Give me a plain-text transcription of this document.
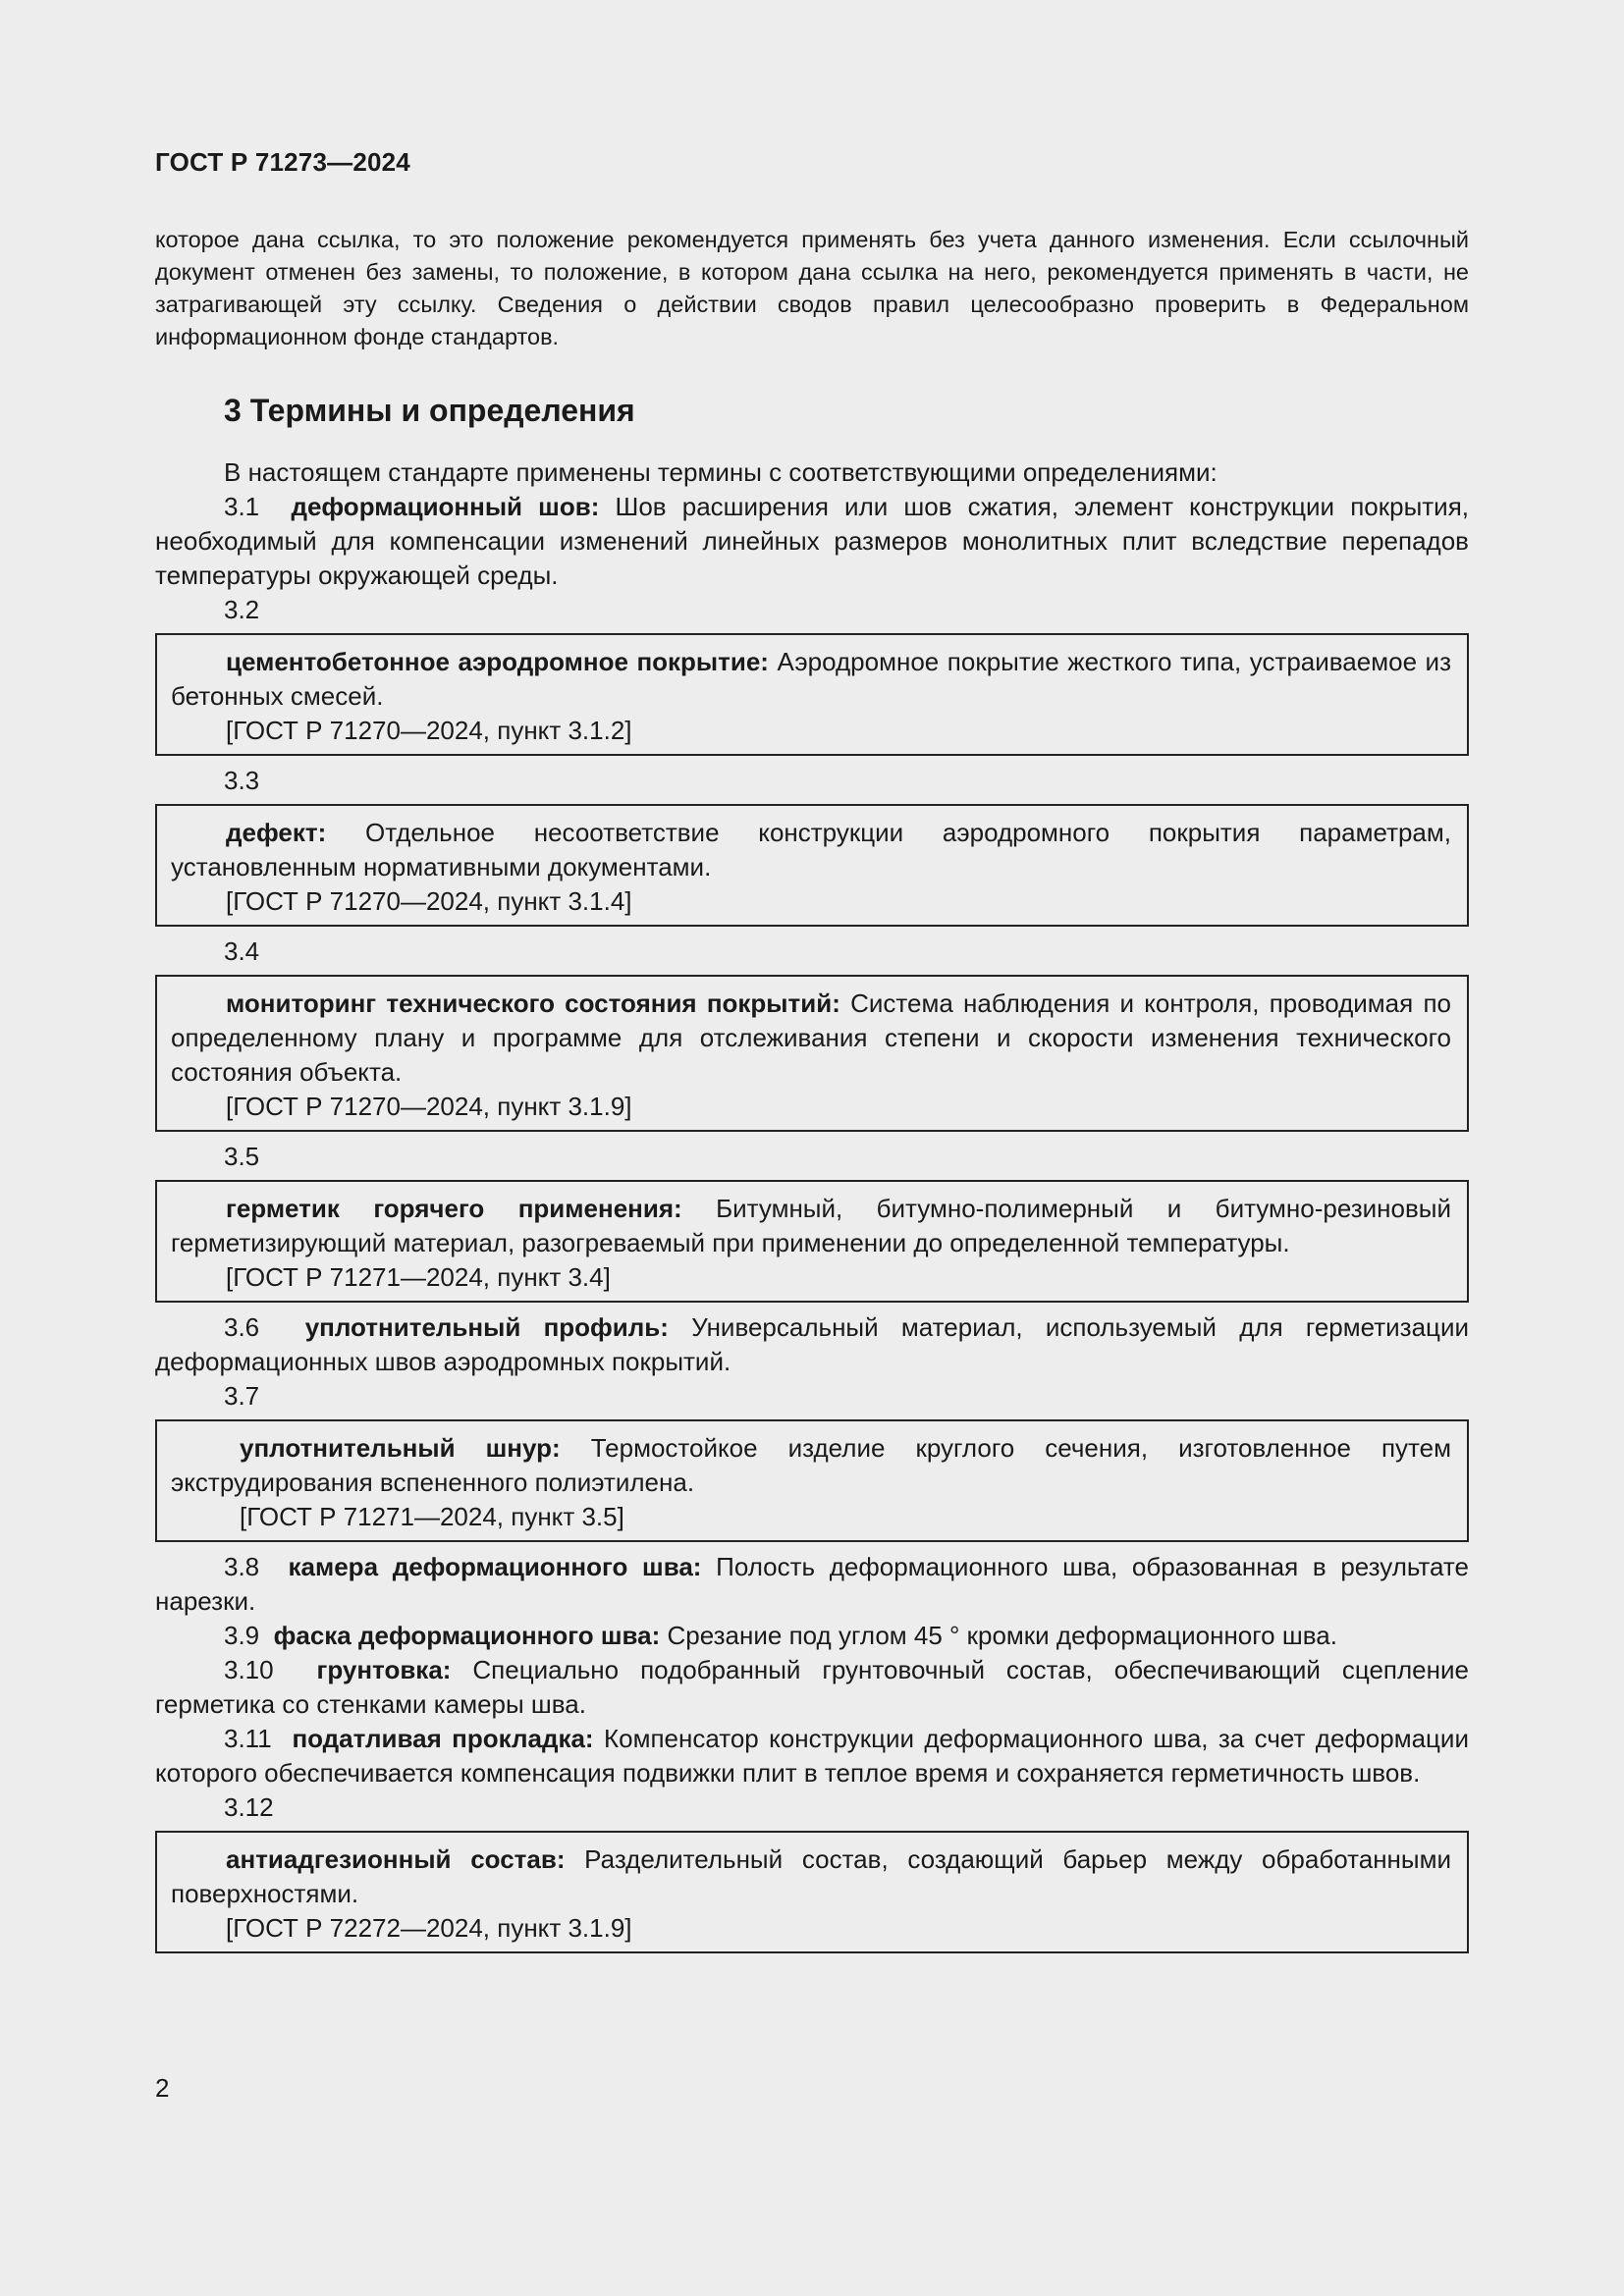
ГОСТ Р 71273—2024

которое дана ссылка, то это положение рекомендуется применять без учета данного изменения. Если ссылочный документ отменен без замены, то положение, в котором дана ссылка на него, рекомендуется применять в части, не затрагивающей эту ссылку. Сведения о действии сводов правил целесообразно проверить в Федеральном информационном фонде стандартов.

3 Термины и определения

В настоящем стандарте применены термины с соответствующими определениями:

3.1 деформационный шов: Шов расширения или шов сжатия, элемент конструкции покрытия, необходимый для компенсации изменений линейных размеров монолитных плит вследствие перепадов температуры окружающей среды.

3.2

цементобетонное аэродромное покрытие: Аэродромное покрытие жесткого типа, устраиваемое из бетонных смесей.

[ГОСТ Р 71270—2024, пункт 3.1.2]

3.3

дефект: Отдельное несоответствие конструкции аэродромного покрытия параметрам, установленным нормативными документами.

[ГОСТ Р 71270—2024, пункт 3.1.4]

3.4

мониторинг технического состояния покрытий: Система наблюдения и контроля, проводимая по определенному плану и программе для отслеживания степени и скорости изменения технического состояния объекта.

[ГОСТ Р 71270—2024, пункт 3.1.9]

3.5

герметик горячего применения: Битумный, битумно-полимерный и битумно-резиновый герметизирующий материал, разогреваемый при применении до определенной температуры.

[ГОСТ Р 71271—2024, пункт 3.4]

3.6 уплотнительный профиль: Универсальный материал, используемый для герметизации деформационных швов аэродромных покрытий.

3.7

уплотнительный шнур: Термостойкое изделие круглого сечения, изготовленное путем экструдирования вспененного полиэтилена.

[ГОСТ Р 71271—2024, пункт 3.5]

3.8 камера деформационного шва: Полость деформационного шва, образованная в результате нарезки.

3.9 фаска деформационного шва: Срезание под углом 45 ° кромки деформационного шва.

3.10 грунтовка: Специально подобранный грунтовочный состав, обеспечивающий сцепление герметика со стенками камеры шва.

3.11 податливая прокладка: Компенсатор конструкции деформационного шва, за счет деформации которого обеспечивается компенсация подвижки плит в теплое время и сохраняется герметичность швов.

3.12

антиадгезионный состав: Разделительный состав, создающий барьер между обработанными поверхностями.

[ГОСТ Р 72272—2024, пункт 3.1.9]

2
